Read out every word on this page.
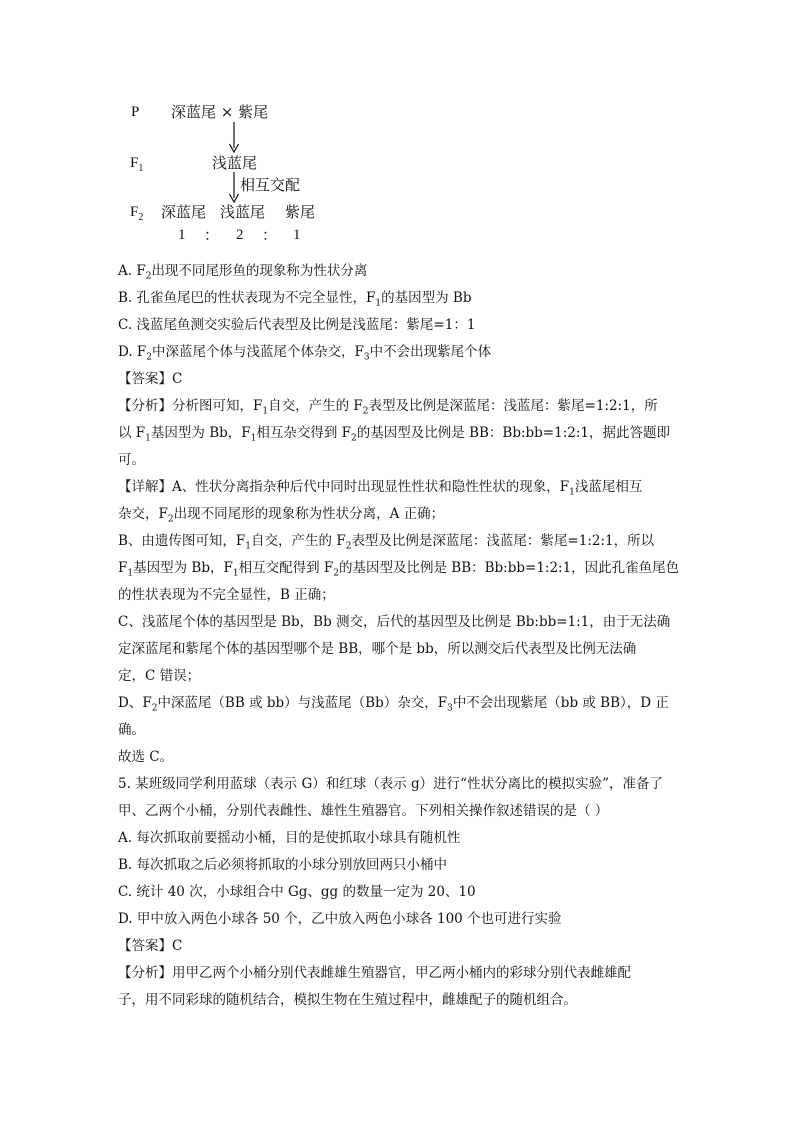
P 深蓝尾 × 紫尾
$F_1$	浅蓝尾
相互交配
$F_2$ 深蓝尾 浅蓝尾 紫尾
1 ： 2 ： 1
A. $F_2$出现不同尾形鱼的现象称为性状分离
B. 孔雀鱼尾巴的性状表现为不完全显性，$F_1$的基因型为 Bb
C. 浅蓝尾鱼测交实验后代表型及比例是浅蓝尾：紫尾=1：1
D. $F_2$中深蓝尾个体与浅蓝尾个体杂交，$F_3$中不会出现紫尾个体
【答案】C
【分析】分析图可知，$F_1$自交，产生的 $F_2$表型及比例是深蓝尾：浅蓝尾：紫尾=1:2:1，所
以 $F_1$基因型为 Bb，$F_1$相互杂交得到 $F_2$的基因型及比例是 BB：Bb:bb=1:2:1，据此答题即
可。
【详解】A、性状分离指杂种后代中同时出现显性性状和隐性性状的现象，$F_1$浅蓝尾相互
杂交，$F_2$出现不同尾形的现象称为性状分离，A 正确；
B、由遗传图可知，$F_1$自交，产生的 $F_2$表型及比例是深蓝尾：浅蓝尾：紫尾=1:2:1，所以
$F_1$基因型为 Bb，$F_1$相互交配得到 $F_2$的基因型及比例是 BB：Bb:bb=1:2:1，因此孔雀鱼尾色
的性状表现为不完全显性，B 正确；
C、浅蓝尾个体的基因型是 Bb，Bb 测交，后代的基因型及比例是 Bb:bb=1:1，由于无法确
定深蓝尾和紫尾个体的基因型哪个是 BB，哪个是 bb，所以测交后代表型及比例无法确
定，C 错误；
D、$F_2$中深蓝尾（BB 或 bb）与浅蓝尾（Bb）杂交，$F_3$中不会出现紫尾（bb 或 BB），D 正
确。
故选 C。
5. 某班级同学利用蓝球（表示 G）和红球（表示 g）进行“性状分离比的模拟实验”，准备了
甲、乙两个小桶，分别代表雌性、雄性生殖器官。下列相关操作叙述错误的是（ ）
A. 每次抓取前要摇动小桶，目的是使抓取小球具有随机性
B. 每次抓取之后必须将抓取的小球分别放回两只小桶中
C. 统计 40 次，小球组合中 Gg、gg 的数量一定为 20、10
D. 甲中放入两色小球各 50 个，乙中放入两色小球各 100 个也可进行实验
【答案】C
【分析】用甲乙两个小桶分别代表雌雄生殖器官，甲乙两小桶内的彩球分别代表雌雄配
子，用不同彩球的随机结合，模拟生物在生殖过程中，雌雄配子的随机组合。
